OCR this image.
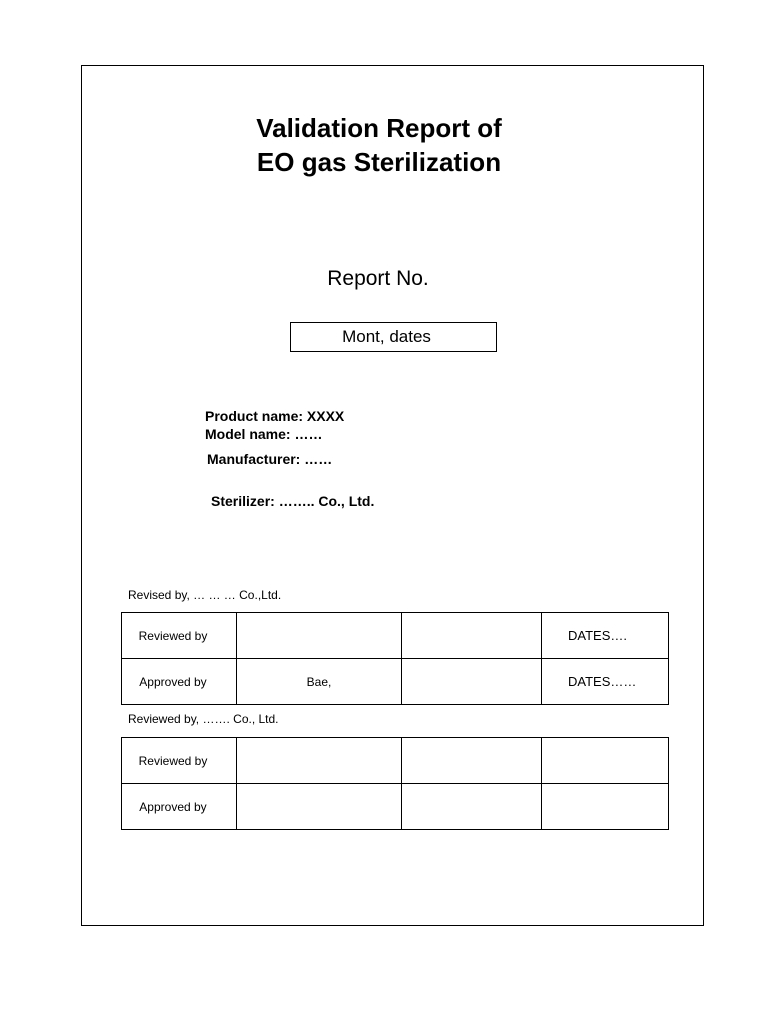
Validation Report of
EO gas Sterilization
Report No.
Mont, dates
Product name: XXXX
Model name: ……
Manufacturer: ……
Sterilizer: …….. Co., Ltd.
Revised by, … … … Co.,Ltd.
Reviewed by			DATES….
Approved by	Bae,		DATES……
Reviewed by, ……. Co., Ltd.
Reviewed by			
Approved by			
